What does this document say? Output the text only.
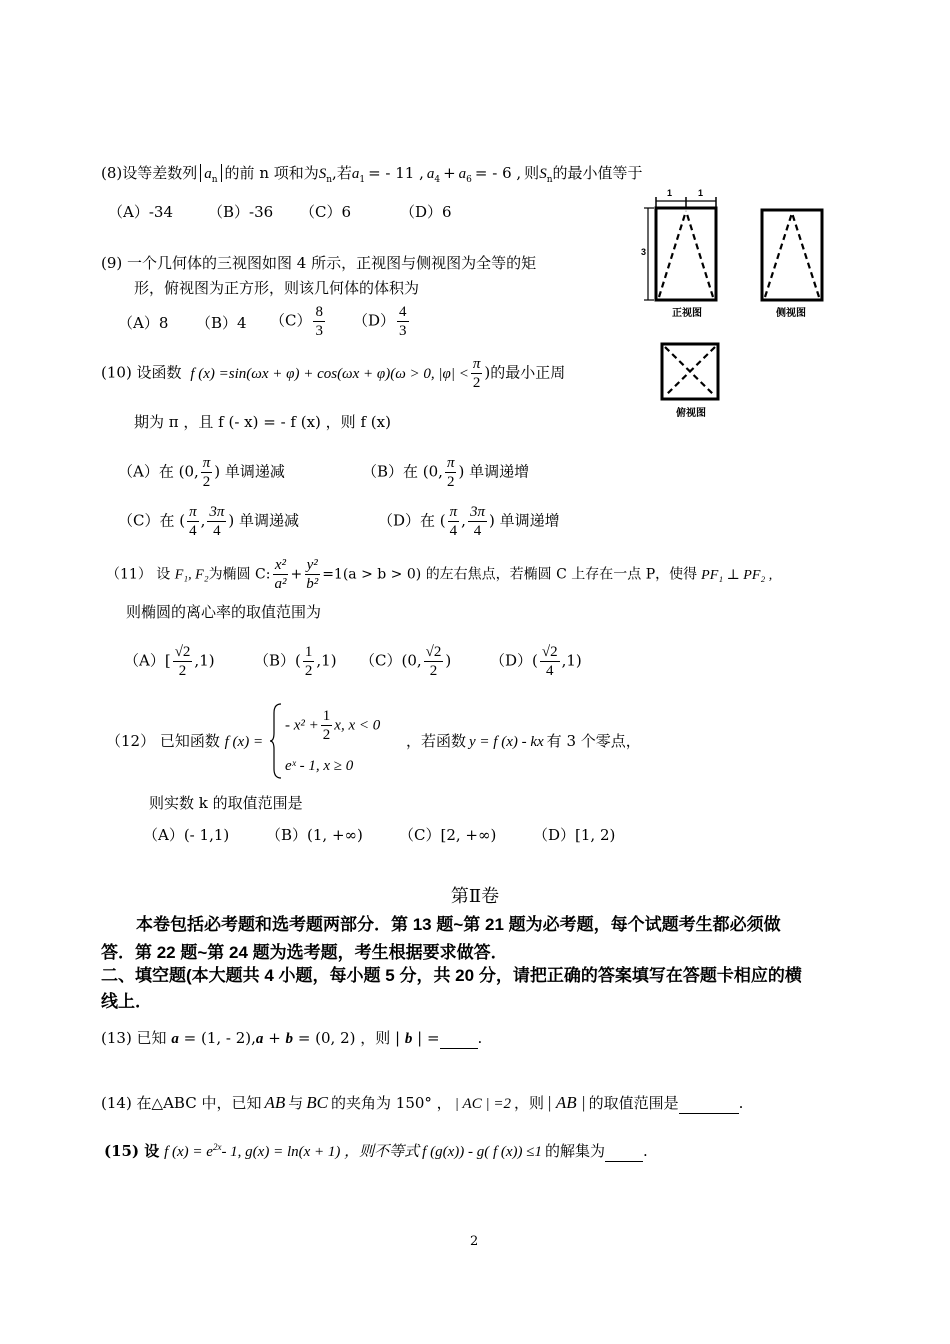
(8)设等差数列 $a_n$ 的前 n 项和为$S_n$,若$a_1$ = - 11 , $a_4 + a_6$ = - 6 , 则$S_n$的最小值等于
（A）-34 （B）-36 （C）6	（D）6
(9) 一个几何体的三视图如图 4 所示，正视图与侧视图为全等的矩
形，俯视图为正方形，则该几何体的体积为
（A）8 （B）4 $(C) \frac{8}{3} (D) \frac{4}{3}$
1	1
3
正视图	侧视图
俯视图
(10) 设函数 f (x) =sin(ωx + φ) + cos(ωx + φ)(ω > 0, $|\varphi| < \frac{\pi}{2}$ )的最小正周
期为 π ，且 f (- x) = - f (x) ，则 f (x)
（A）在 (0, $\frac{\pi}{2}$ ) 单调递减	（B）在 (0, $\frac{\pi}{2}$ ) 单调递增
（C）在 ( $\frac{\pi}{4}$ , $\frac{3\pi}{4}$ ) 单调递减	（D）在 ( $\frac{\pi}{4}$ , $\frac{3\pi}{4}$ ) 单调递增
（11） 设 F₁, F₂为椭圆 C: $\frac{\text{x²}}{\text{a²}} + \frac{\text{y²}}{\text{b²}} =1(a > b > 0)$ 的左右焦点，若椭圆 C 上存在一点 P，使得 PF₁ ⊥ PF₂ ,
则椭圆的离心率的取值范围为
$(A)[ \frac{√2}{2} ,1)$	$(B)( \frac{1}{2} ,1)$ （C）(0, $\frac{√2}{2}$ )	$(D)( \frac{√2}{4} ,1)$
（12） 已知函数 f (x) =
- $x^2 + \frac{1}{2} x$, x < 0
eˣ - 1, x ≥ 0
，若函数 y = f (x) - kx 有 3 个零点，
则实数 k 的取值范围是
（A）(- 1,1) （B）(1, +∞) （C）[2, +∞) （D）[1, 2)
第Ⅱ卷
本卷包括必考题和选考题两部分．第 13 题~第 21 题为必考题，每个试题考生都必须做
答．第 22 题~第 24 题为选考题，考生根据要求做答．
二、填空题(本大题共 4 小题，每小题 5 分，共 20 分，请把正确的答案填写在答题卡相应的横
线上．
(13) 已知 a = (1, - 2),a + b = (0, 2) ，则 | b | =	.
(14) 在△ABC 中，已知 AB 与 BC 的夹角为 150° ， | AC | =2 ，则 | AB | 的取值范围是	.
(15) 设 f $(x) = e^{2x}-$ 1, g(x) = ln(x + 1) ，则不等式 f (g(x)) - g( f (x)) ≤1 的解集为	.
2
